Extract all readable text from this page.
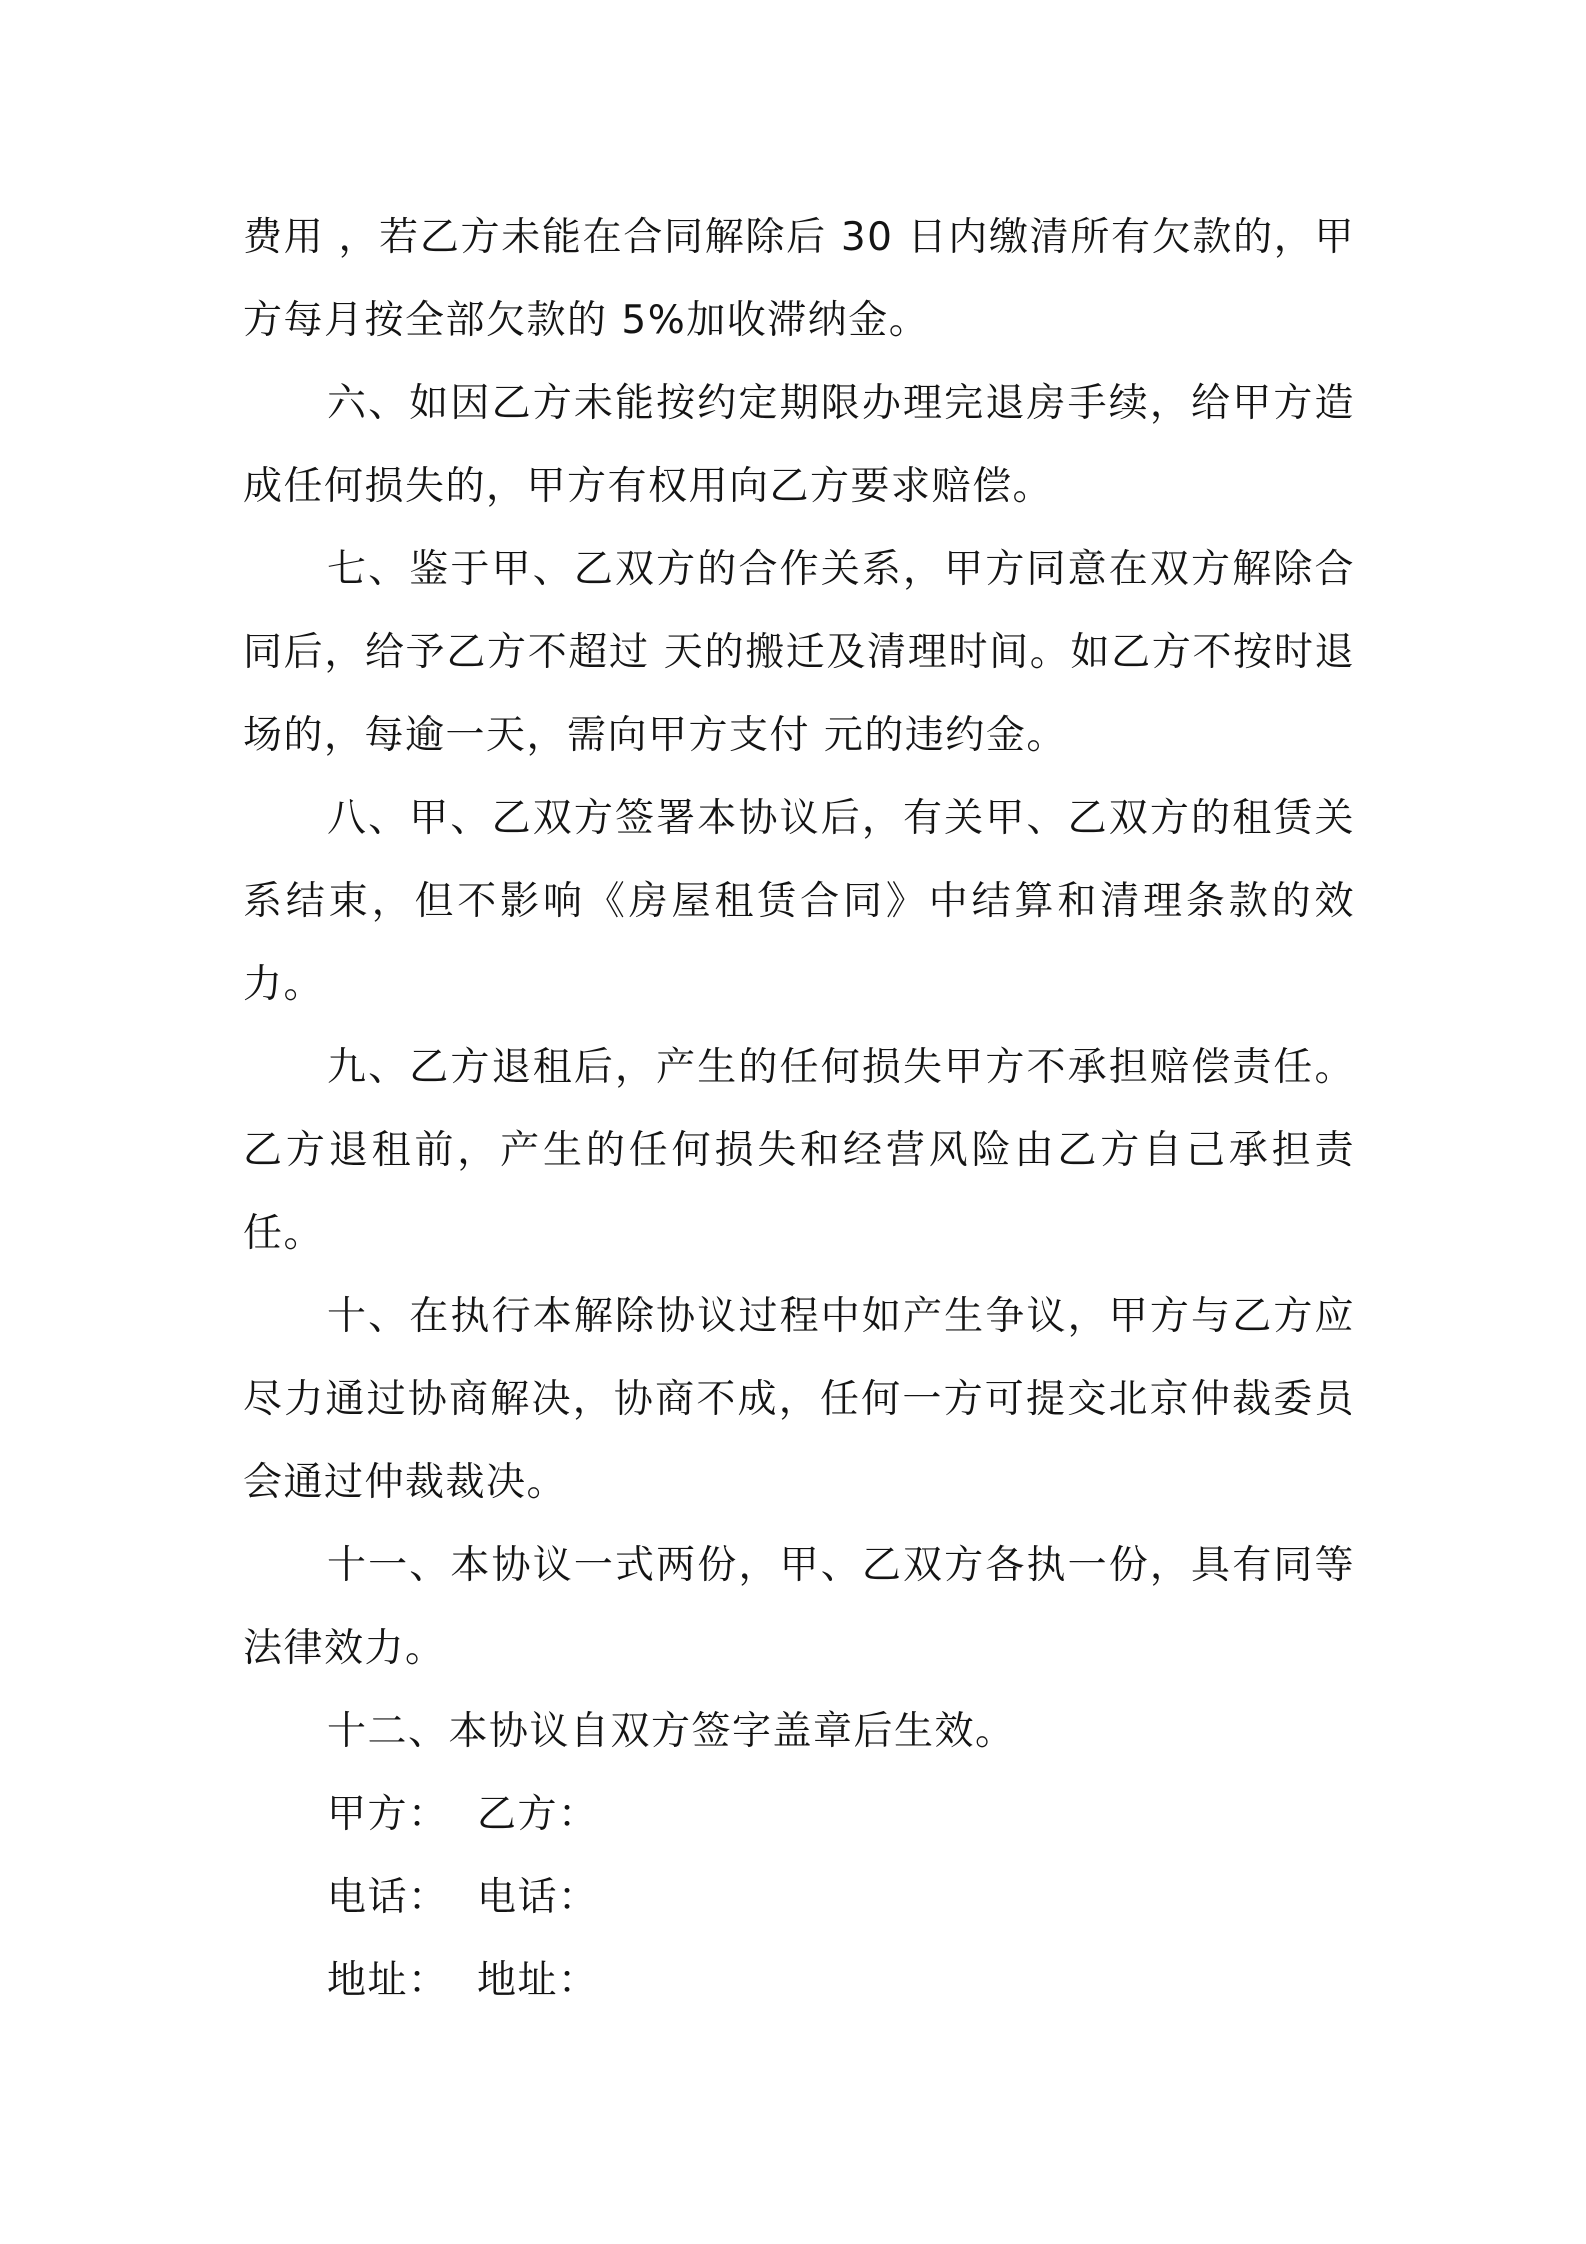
费用 ，若乙方未能在合同解除后 30 日内缴清所有欠款的，甲方每月按全部欠款的 5%加收滞纳金。

六、如因乙方未能按约定期限办理完退房手续，给甲方造成任何损失的，甲方有权用向乙方要求赔偿。

七、鉴于甲、乙双方的合作关系，甲方同意在双方解除合同后，给予乙方不超过 天的搬迁及清理时间。如乙方不按时退场的，每逾一天，需向甲方支付 元的违约金。

八、甲、乙双方签署本协议后，有关甲、乙双方的租赁关系结束，但不影响《房屋租赁合同》中结算和清理条款的效力。

九、乙方退租后，产生的任何损失甲方不承担赔偿责任。乙方退租前，产生的任何损失和经营风险由乙方自己承担责任。

十、在执行本解除协议过程中如产生争议，甲方与乙方应尽力通过协商解决，协商不成，任何一方可提交北京仲裁委员会通过仲裁裁决。

十一、本协议一式两份，甲、乙双方各执一份，具有同等法律效力。

十二、本协议自双方签字盖章后生效。

甲方： 乙方：
电话： 电话：
地址： 地址：
